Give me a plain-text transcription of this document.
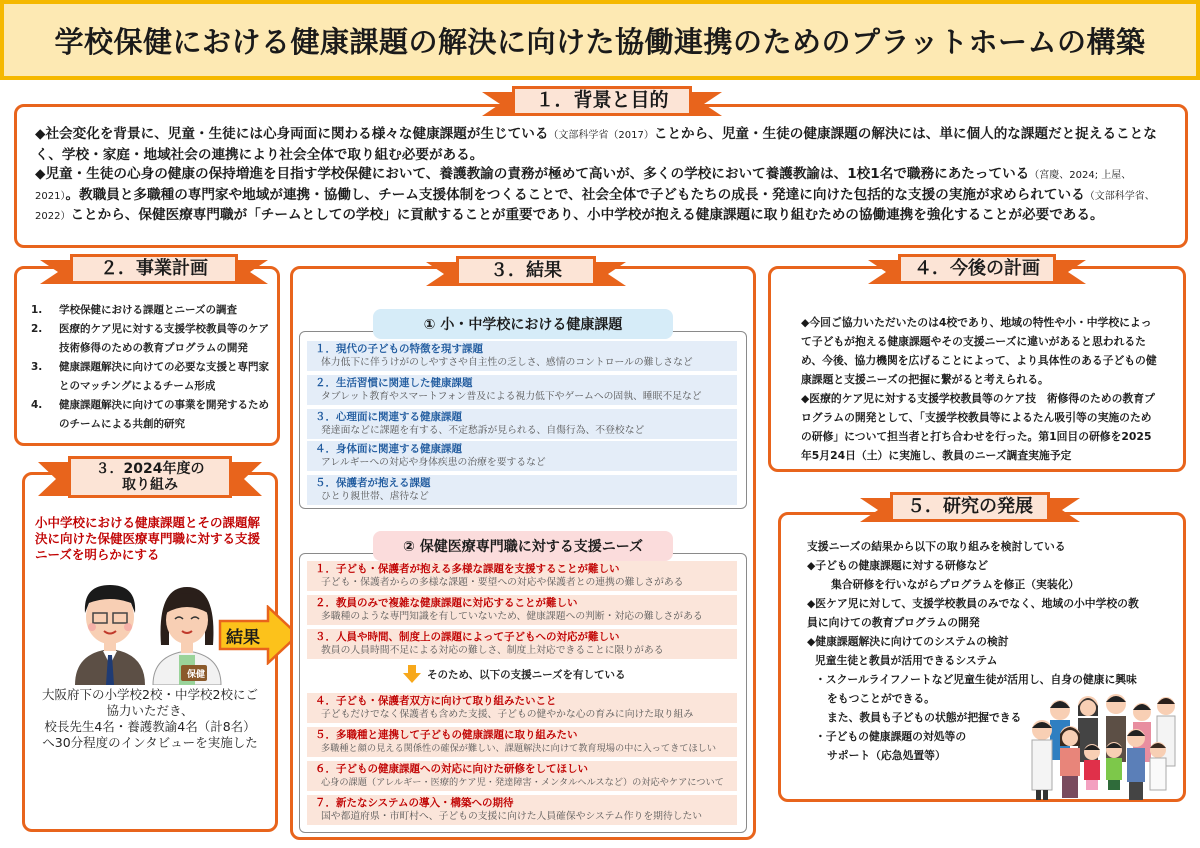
学校保健における健康課題の解決に向けた協働連携のためのプラットホームの構築

◆社会変化を背景に、児童・生徒には心身両面に関わる様々な健康課題が生じている（文部科学省（2017）ことから、児童・生徒の健康課題の解決には、単に個人的な課題だと捉えることなく、学校・家庭・地域社会の連携により社会全体で取り組む必要がある。

◆児童・生徒の心身の健康の保持増進を目指す学校保健において、養護教諭の責務が極めて高いが、多くの学校において養護教諭は、1校1名で職務にあたっている（宮慶、2024; 上屋、2021）。教職員と多職種の専門家や地域が連携・協働し、チーム支援体制をつくることで、社会全体で子どもたちの成長・発達に向けた包括的な支援の実施が求められている（文部科学省、2022）ことから、保健医療専門職が「チームとしての学校」に貢献することが重要であり、小中学校が抱える健康課題に取り組むための協働連携を強化することが必要である。

１．背景と目的
1.	学校保健における課題とニーズの調査
2.	医療的ケア児に対する支援学校教員等のケア技術修得のための教育プログラムの開発
3.	健康課題解決に向けての必要な支援と専門家とのマッチングによるチーム形成
4.	健康課題解決に向けての事業を開発するためのチームによる共創的研究
２．事業計画
小中学校における健康課題とその課題解決に向けた保健医療専門職に対する支援ニーズを明らかにする
保健
大阪府下の小学校2校・中学校2校にご
協力いただき、
校長先生4名・養護教諭4名（計8名）
へ30分程度のインタビューを実施した
３．2024年度の
取り組み
結果
① 小・中学校における健康課題
１．現代の子どもの特徴を現す課題
体力低下に伴うけがのしやすさや自主性の乏しさ、感情のコントロールの難しさなど
２．生活習慣に関連した健康課題
タブレット教育やスマートフォン普及による視力低下やゲームへの固執、睡眠不足など
３．心理面に関連する健康課題
発達面などに課題を有する、不定愁訴が見られる、自傷行為、不登校など
４．身体面に関連する健康課題
アレルギーへの対応や身体疾患の治療を要するなど
５．保護者が抱える課題
ひとり親世帯、虐待など
② 保健医療専門職に対する支援ニーズ
１．子ども・保護者が抱える多様な課題を支援することが難しい
子ども・保護者からの多様な課題・要望への対応や保護者との連携の難しさがある
２．教員のみで複雑な健康課題に対応することが難しい
多職種のような専門知識を有していないため、健康課題への判断・対応の難しさがある
３．人員や時間、制度上の課題によって子どもへの対応が難しい
教員の人員時間不足による対応の難しさ、制度上対応できることに限りがある
そのため、以下の支援ニーズを有している
４．子ども・保護者双方に向けて取り組みたいこと
子どもだけでなく保護者も含めた支援、子どもの健やかな心の育みに向けた取り組み
５．多職種と連携して子どもの健康課題に取り組みたい
多職種と顔の見える関係性の確保が難しい、課題解決に向けて教育現場の中に入ってきてほしい
６．子どもの健康課題への対応に向けた研修をしてほしい
心身の課題（アレルギー・医療的ケア児・発達障害・メンタルヘルスなど）の対応やケアについて
７．新たなシステムの導入・構築への期待
国や都道府県・市町村へ、子どもの支援に向けた人員確保やシステム作りを期待したい
３．結果

◆今回ご協力いただいたのは4校であり、地域の特性や小・中学校によって子どもが抱える健康課題やその支援ニーズに違いがあると思われるため、今後、協力機関を広げることによって、より具体性のある子どもの健康課題と支援ニーズの把握に繋がると考えられる。

◆医療的ケア児に対する支援学校教員等のケア技　術修得のための教育プログラムの開発として、「支援学校教員等によるたん吸引等の実施のための研修」について担当者と打ち合わせを行った。第1回目の研修を2025年5月24日（土）に実施し、教員のニーズ調査実施予定

４．今後の計画
支援ニーズの結果から以下の取り組みを検討している
◆子どもの健康課題に対する研修など
集合研修を行いながらプログラムを修正（実装化）
◆医ケア児に対して、支援学校教員のみでなく、地域の小中学校の教
員に向けての教育プログラムの開発
◆健康課題解決に向けてのシステムの検討
児童生徒と教員が活用できるシステム
・スクールライフノートなど児童生徒が活用し、自身の健康に興味
をもつことができる。
また、教員も子どもの状態が把握できる
・子どもの健康課題の対処等の
サポート（応急処置等）
５．研究の発展
